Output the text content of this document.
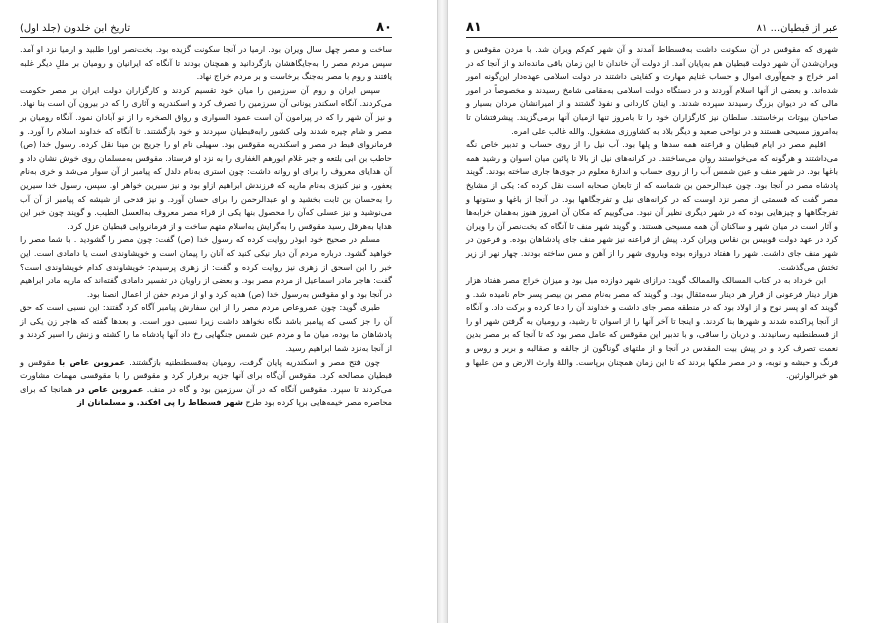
۸۰
تاریخ ابن خلدون (جلد اول)

ساخت و مصر چهل سال ویران بود. ارمیا در آنجا سکونت گزیده بود. بخت‌نصر اورا طلبید و ارمیا نزد او آمد. سپس مردم مصر را به‌جایگاهشان بازگردانید و همچنان بودند تا آنگاه که ایرانیان و رومیان بر مللِ دیگر غلبه یافتند و روم با مصر به‌جنگ برخاست و بر مردم خراج نهاد.

سپس ایران و روم آن سرزمین را میان خود تقسیم کردند و کارگزاران دولت ایران بر مصر حکومت می‌کردند. آنگاه اسکندر یونانی آن سرزمین را تصرف کرد و اسکندریه و آثاری را که در بیرون آن است بنا نهاد. و نیز آن شهر را که در پیرامون آن است عمود السواری و رواق الصخره را از نو آبادان نمود. آنگاه رومیان بر مصر و شام چیره شدند ولی کشور رابه‌قبطیان سپردند و خود بازگشتند. تا آنگاه که خداوند اسلام را آورد. و فرمانروای قبط در مصر و اسکندریه مقوقس بود. سهیلی نام او را جریج بن مینا نقل کرده. رسول خدا (ص) حاطب بن ابی بلتعه و جبر غلام ابورهم الغفاری را به نزد او فرستاد. مقوقس به‌مسلمان روی خوش نشان داد و آن هدایای معروف را برای او روانه داشت: چون استری به‌نام دلدل که پیامبر از آن سوار می‌شد و خری به‌نام یعفور، و نیز کنیزی به‌نام ماریه که فرزندش ابراهیم ازاو بود و نیز سیرین خواهر او. سپس، رسول خدا سیرین را به‌حسان بن ثابت بخشید و او عبدالرحمن را برای حسان آورد. و نیز قدحی از شیشه که پیامبر از آن آب می‌نوشید و نیز عسلی که‌آن را محصول بنها یکی از قراء مصر معروف به‌العسل الطیب. و گویند چون خبر این هدایا به‌هرقل رسید مقوقس را به‌گرایش به‌اسلام متهم ساخت و از فرمانروایی قبطیان عزل کرد.

مسلم در صحیح خود ابوذر روایت کرده که رسول خدا (ص) گفت: چون مصر را گشودید . با شما مصر را خواهید گشود. درباره مردم آن دیار نیکی کنید که آنان را پیمان است و خویشاوندی است یا دامادی است. این خبر را ابن اسحق از زهری نیز روایت کرده و گفت: از زهری پرسیدم: خویشاوندی کدام خویشاوندی است؟ گفت: هاجر مادر اسماعیل از مردم مصر بود. و بعضی از راویان در تفسیر دامادی گفته‌اند که ماریه مادر ابراهیم در آنجا بود و او مقوقس به‌رسول خدا (ص) هدیه کرد و او از مردم حفن از اعمال انصنا بود.

طبری گوید: چون عمروعاص مردم مصر را از این سفارش پیامبر آگاه کرد گفتند: این نسبی است که حق آن را جز کسی که پیامبر باشد نگاه نخواهد داشت زیرا نسبی دور است. و بعدها گفته که هاجر زن یکی از پادشاهان ما بوده، میان ما و مردم عین شمس جنگهایی رخ داد آنها پادشاه ما را کشته و زنش را اسیر کردند و از آنجا به‌نزد شما ابراهیم رسید.

چون فتح مصر و اسکندریه پایان گرفت، رومیان به‌قسطنطنیه بازگشتند. عمروبن عاص با مقوقس و قبطیان مصالحه کرد. مقوقس آن‌گاه برای آنها جزیه برقرار کرد و مقوقس را با مقوقسی مهمات مشاورت می‌کردند تا سپرد. مقوقس آنگاه که در آن سرزمین بود و گاه در منف. عمروبن عاص در همانجا که برای محاصره مصر خیمه‌هایی برپا کرده بود طرح شهر فسطاط را پی افکند. و مسلمانان از

عبر از قبطیان... ۸۱
۸۱

شهری که مقوقس در آن سکونت داشت به‌فسطاط آمدند و آن شهر کم‌کم ویران شد. با مردن مقوقس و ویران‌شدن آن شهر دولت قبطیان هم به‌پایان آمد. از دولت آن خاندان تا این زمان باقی مانده‌اند و از آنجا که در امر خراج و جمع‌آوری اموال و حساب غنایم مهارت و کفایتی داشتند در دولت اسلامی عهده‌دار این‌گونه امور شده‌اند. و بعضی از آنها اسلام آوردند و در دستگاه دولت اسلامی به‌مقامی شامخ رسیدند و مخصوصاً در امور مالی که در دیوان بزرگ رسیدند سپرده شدند. و اینان کاردانی و نفوذ گشتند و از امیرانشان مردان بسیار و صاحبان بیوتات برخاستند. سلطان نیز کارگزاران خود را تا بامروز تنها ازمیان آنها برمی‌گزیند. پیشرفتشان تا به‌امروز مسیحی هستند و در نواحی صعید و دیگر بلاد به کشاورزی مشغول. والله غالب علی امره.

اقلیم مصر در ایام قبطیان و فراعنه همه سدها و پلها بود. آب نیل را از روی حساب و تدبیر خاص نگه می‌داشتند و هرگونه که می‌خواستند روان می‌ساختند. در کرانه‌های نیل از بالا تا پائین میان اسوان و رشید همه باغها بود. در شهر منف و عین شمس آب را از روی حساب و اندازهٔ معلوم در جوی‌ها جاری ساخته بودند. گویند پادشاه مصر در آنجا بود. چون عبدالرحمن بن شماسه که از تابعان صحابه است نقل کرده که: یکی از مشایخ مصر گفت که قسمتی از مصر نزد اوست که در کرانه‌های نیل و تفرجگاهها بود. در آنجا از باغها و ستونها و تفرجگاهها و چیزهایی بوده که در شهر دیگری نظیر آن نبود. می‌گوییم که مکان آن امروز هنوز به‌همان خرابه‌ها و آثار است در میان شهر و ساکنان آن همه مسیحی هستند. و گویند شهر منف تا آنگاه که بخت‌نصر آن را ویران کرد در عهد دولت قوبیس بن نقاس ویران کرد. پیش از فراعنه نیز شهر منف جای پادشاهان بوده. و فرعون در شهر منف جای داشت. شهر را هفتاد دروازه بوده وباروی شهر را از آهن و مس ساخته بودند. چهار نهر از زیر تختش می‌گذشت.

ابن خرداد به در کتاب المسالک والممالک گوید: درازای شهر دوازده میل بود و میزان خراج مصر هفتاد هزار هزار دینار فرعونی از قرار هر دینار سه‌مثقال بود. و گویند که مصر به‌نام مصر بن بیصر پسر حام نامیده شد. و گویند که او پسر نوح و از اولاد بود که در منطقه مصر جای داشت و خداوند آن را دعا کرده و برکت داد. و آنگاه از آنجا پراکنده شدند و شهرها بنا کردند. و اینجا تا آخر آنها را از اسوان تا رشید، و رومیان به گرفتن شهر او را از قسطنطنیه رسانیدند. و دربان را ساقی، و با تدبیر این مقوقس که عامل مصر بود که تا آنجا که بر مصر بدین نعمت تصرف کرد و در پیش بیت المقدس در آنجا و از ملتهای گوناگون از جالقه و صقالبه و بربر و روس و فرنگ و حبشه و نوبه، و در مصر ملکها بردند که تا این زمان همچنان برپاست. واللهٔ وارث الارض و من علیها و هو خیرالوارثین.
